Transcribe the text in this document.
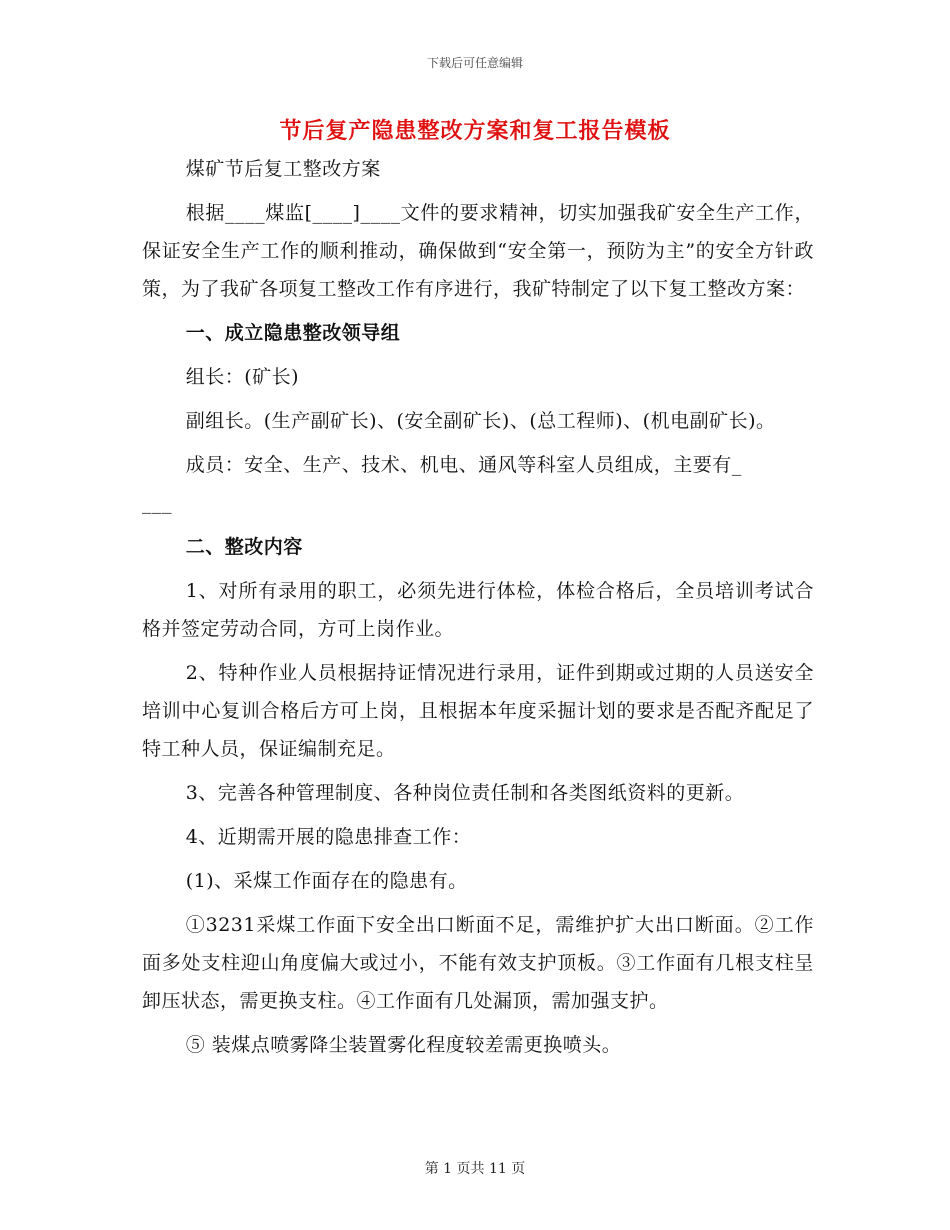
下载后可任意编辑
节后复产隐患整改方案和复工报告模板

煤矿节后复工整改方案

根据____煤监[____]____文件的要求精神，切实加强我矿安全生产工作，保证安全生产工作的顺利推动，确保做到“安全第一，预防为主”的安全方针政策，为了我矿各项复工整改工作有序进行，我矿特制定了以下复工整改方案：

一、成立隐患整改领导组

组长：(矿长)

副组长。(生产副矿长)、(安全副矿长)、(总工程师)、(机电副矿长)。

成员：安全、生产、技术、机电、通风等科室人员组成，主要有_

___

二、整改内容

1、对所有录用的职工，必须先进行体检，体检合格后，全员培训考试合格并签定劳动合同，方可上岗作业。

2、特种作业人员根据持证情况进行录用，证件到期或过期的人员送安全培训中心复训合格后方可上岗，且根据本年度采掘计划的要求是否配齐配足了特工种人员，保证编制充足。

3、完善各种管理制度、各种岗位责任制和各类图纸资料的更新。

4、近期需开展的隐患排查工作：

(1)、采煤工作面存在的隐患有。

①3231采煤工作面下安全出口断面不足，需维护扩大出口断面。②工作面多处支柱迎山角度偏大或过小，不能有效支护顶板。③工作面有几根支柱呈卸压状态，需更换支柱。④工作面有几处漏顶，需加强支护。

⑤ 装煤点喷雾降尘装置雾化程度较差需更换喷头。

第 1 页共 11 页
